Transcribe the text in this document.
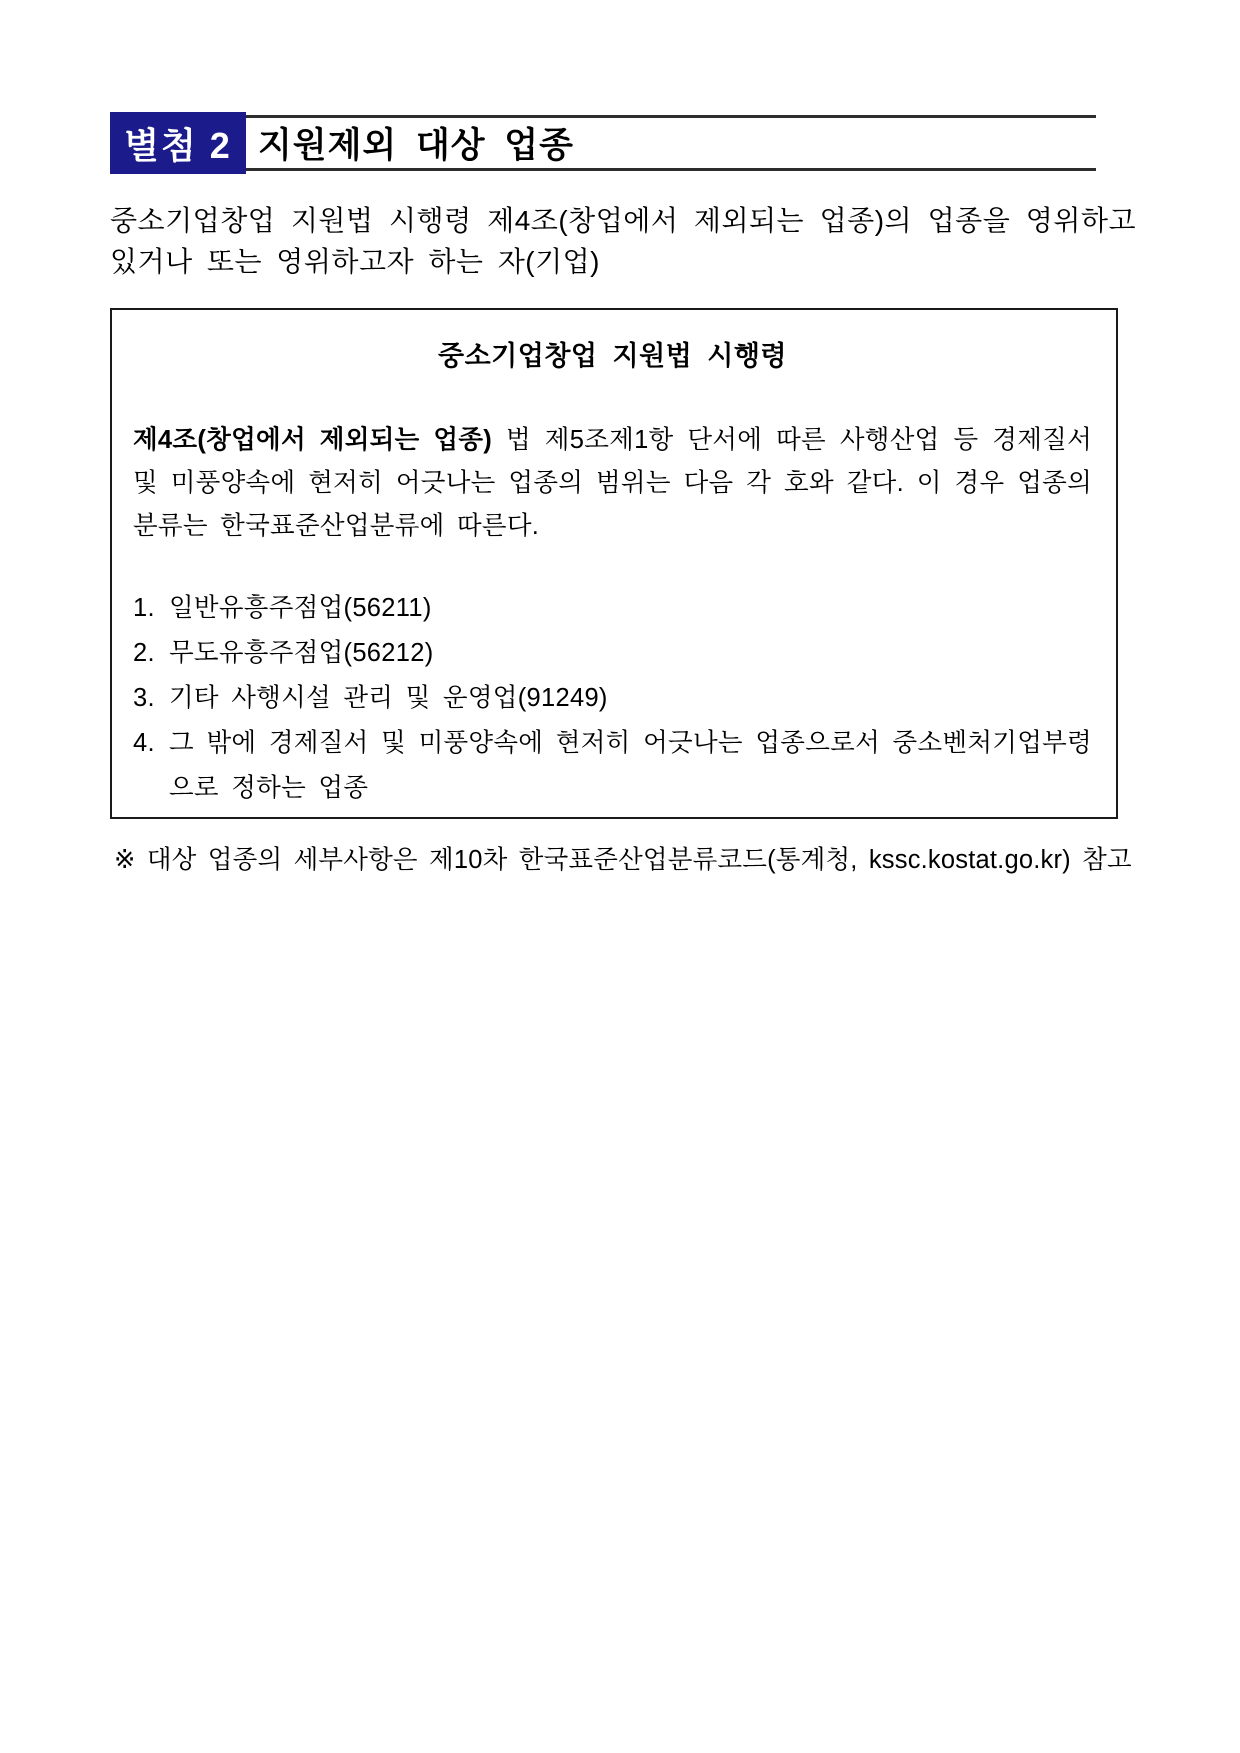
별첨 2 지원제외 대상 업종

중소기업창업 지원법 시행령 제4조(창업에서 제외되는 업종)의 업종을 영위하고 있거나 또는 영위하고자 하는 자(기업)

중소기업창업 지원법 시행령

제4조(창업에서 제외되는 업종) 법 제5조제1항 단서에 따른 사행산업 등 경제질서 및 미풍양속에 현저히 어긋나는 업종의 범위는 다음 각 호와 같다. 이 경우 업종의 분류는 한국표준산업분류에 따른다.

1. 일반유흥주점업(56211)
2. 무도유흥주점업(56212)
3. 기타 사행시설 관리 및 운영업(91249)
4. 그 밖에 경제질서 및 미풍양속에 현저히 어긋나는 업종으로서 중소벤처기업부령으로 정하는 업종

※ 대상 업종의 세부사항은 제10차 한국표준산업분류코드(통계청, kssc.kostat.go.kr) 참고
